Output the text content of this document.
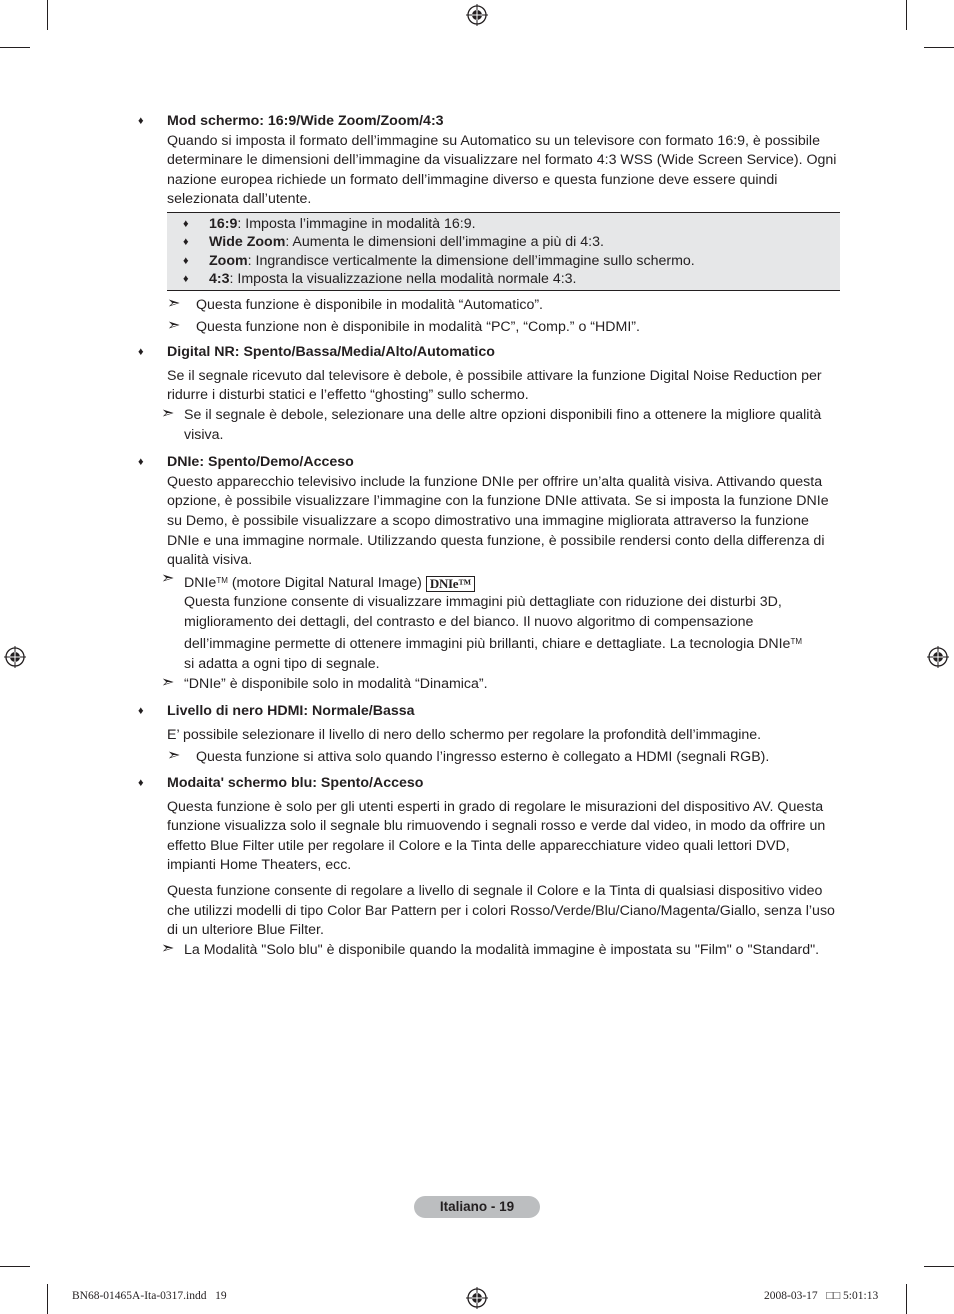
♦ Mod schermo: 16:9/Wide Zoom/Zoom/4:3

Quando si imposta il formato dell’immagine su Automatico su un televisore con formato 16:9, è possibile determinare le dimensioni dell’immagine da visualizzare nel formato 4:3 WSS (Wide Screen Service). Ogni nazione europea richiede un formato dell’immagine diverso e questa funzione deve essere quindi selezionata dall’utente.

♦ 16:9: Imposta l’immagine in modalità 16:9.
♦ Wide Zoom: Aumenta le dimensioni dell’immagine a più di 4:3.
♦ Zoom: Ingrandisce verticalmente la dimensione dell’immagine sullo schermo.
♦ 4:3: Imposta la visualizzazione nella modalità normale 4:3.
➣ Questa funzione è disponibile in modalità “Automatico”.
➣ Questa funzione non è disponibile in modalità “PC”, “Comp.” o “HDMI”.
♦ Digital NR: Spento/Bassa/Media/Alto/Automatico

Se il segnale ricevuto dal televisore è debole, è possibile attivare la funzione Digital Noise Reduction per ridurre i disturbi statici e l’effetto “ghosting” sullo schermo.

➣ Se il segnale è debole, selezionare una delle altre opzioni disponibili fino a ottenere la migliore qualità visiva.
♦ DNIe: Spento/Demo/Acceso

Questo apparecchio televisivo include la funzione DNIe per offrire un’alta qualità visiva. Attivando questa opzione, è possibile visualizzare l’immagine con la funzione DNIe attivata. Se si imposta la funzione DNIe su Demo, è possibile visualizzare a scopo dimostrativo una immagine migliorata attraverso la funzione DNIe e una immagine normale. Utilizzando questa funzione, è possibile rendersi conto della differenza di qualità visiva.

➣ DNIe™ (motore Digital Natural Image) DNIe™
Questa funzione consente di visualizzare immagini più dettagliate con riduzione dei disturbi 3D, miglioramento dei dettagli, del contrasto e del bianco. Il nuovo algoritmo di compensazione dell’immagine permette di ottenere immagini più brillanti, chiare e dettagliate. La tecnologia DNIe™
si adatta a ogni tipo di segnale.
➣ “DNIe” è disponibile solo in modalità “Dinamica”.
♦ Livello di nero HDMI: Normale/Bassa

E’ possibile selezionare il livello di nero dello schermo per regolare la profondità dell’immagine.

➣ Questa funzione si attiva solo quando l’ingresso esterno è collegato a HDMI (segnali RGB).
♦ Modaita' schermo blu: Spento/Acceso

Questa funzione è solo per gli utenti esperti in grado di regolare le misurazioni del dispositivo AV. Questa funzione visualizza solo il segnale blu rimuovendo i segnali rosso e verde dal video, in modo da offrire un effetto Blue Filter utile per regolare il Colore e la Tinta delle apparecchiature video quali lettori DVD, impianti Home Theaters, ecc.

Questa funzione consente di regolare a livello di segnale il Colore e la Tinta di qualsiasi dispositivo video che utilizzi modelli di tipo Color Bar Pattern per i colori Rosso/Verde/Blu/Ciano/Magenta/Giallo, senza l’uso di un ulteriore Blue Filter.

➣ La Modalità "Solo blu" è disponibile quando la modalità immagine è impostata su "Film" o "Standard".
Italiano - 19
BN68-01465A-Ita-0317.indd   19	2008-03-17   □□ 5:01:13
